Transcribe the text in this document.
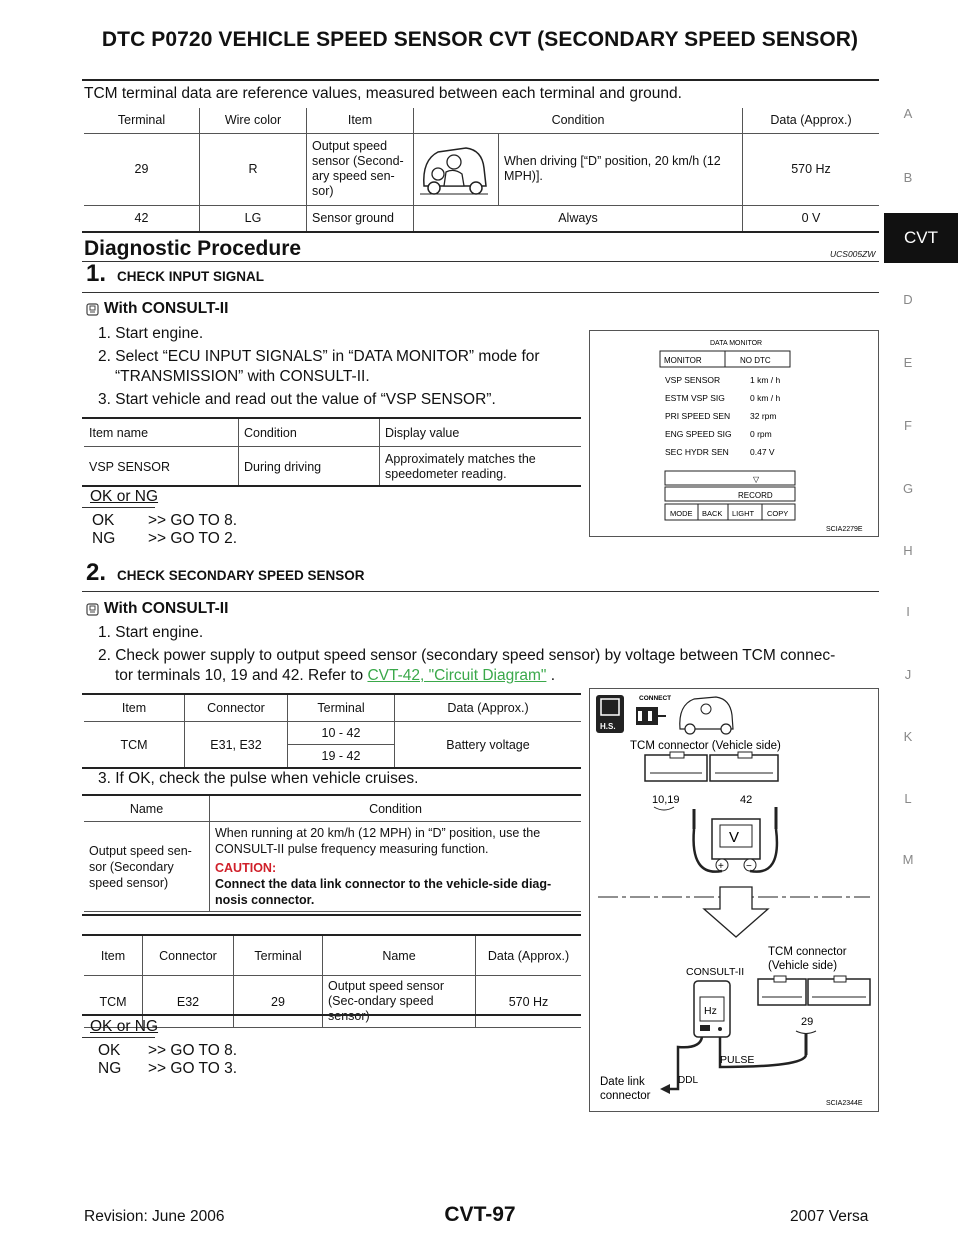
DTC P0720 VEHICLE SPEED SENSOR CVT (SECONDARY SPEED SENSOR)
TCM terminal data are reference values, measured between each terminal and ground.
Terminal	Wire color	Item	Condition		Data (Approx.)
29	R	Output speed sensor (Second-ary speed sen-sor)		When driving [“D” position, 20 km/h (12 MPH)].	570 Hz
42	LG	Sensor ground	Always		0 V
Diagnostic Procedure	UCS005ZW
1. CHECK INPUT SIGNAL
With CONSULT-II
1. Start engine.
2. Select “ECU INPUT SIGNALS” in “DATA MONITOR” mode for
“TRANSMISSION” with CONSULT-II.
3. Start vehicle and read out the value of “VSP SENSOR”.
Item name	Condition	Display value
VSP SENSOR	During driving	Approximately matches the speedometer reading.
OK or NG
OK >> GO TO 8.
NG >> GO TO 2.
DATA MONITOR
MONITOR	NO DTC
VSP SENSOR	1 km / h
ESTM VSP SIG	0 km / h
PRI SPEED SEN 32 rpm
ENG SPEED SIG 0 rpm
SEC HYDR SEN 0.47 V
▽
RECORD
MODE BACK LIGHT COPY
SCIA2279E
2. CHECK SECONDARY SPEED SENSOR
With CONSULT-II
1. Start engine.
2. Check power supply to output speed sensor (secondary speed sensor) by voltage between TCM connec-
tor terminals 10, 19 and 42. Refer to CVT-42, "Circuit Diagram" .
Item	Connector	Terminal	Data (Approx.)
TCM	E31, E32	10 - 42	Battery voltage
		19 - 42	
3. If OK, check the pulse when vehicle cruises.
Name	Condition
Output speed sen-sor (Secondary speed sensor)	When running at 20 km/h (12 MPH) in “D” position, use the CONSULT-II pulse frequency measuring function.
CAUTION:
Connect the data link connector to the vehicle-side diag-nosis connector.
Item	Connector	Terminal	Name	Data (Approx.)
TCM	E32	29	Output speed sensor (Sec-ondary speed sensor)	570 Hz
OK or NG
OK >> GO TO 8.
NG >> GO TO 3.
H.S.
CONNECT
TCM connector (Vehicle side)
10,19	42
V
+ −
TCM connector
(Vehicle side)
CONSULT-II
29
Hz
PULSE
DDL
Date link
connector
SCIA2344E
A
B
CVT
D
E
F
G
H
I
J
K
L
M
Revision: June 2006	CVT-97	2007 Versa
